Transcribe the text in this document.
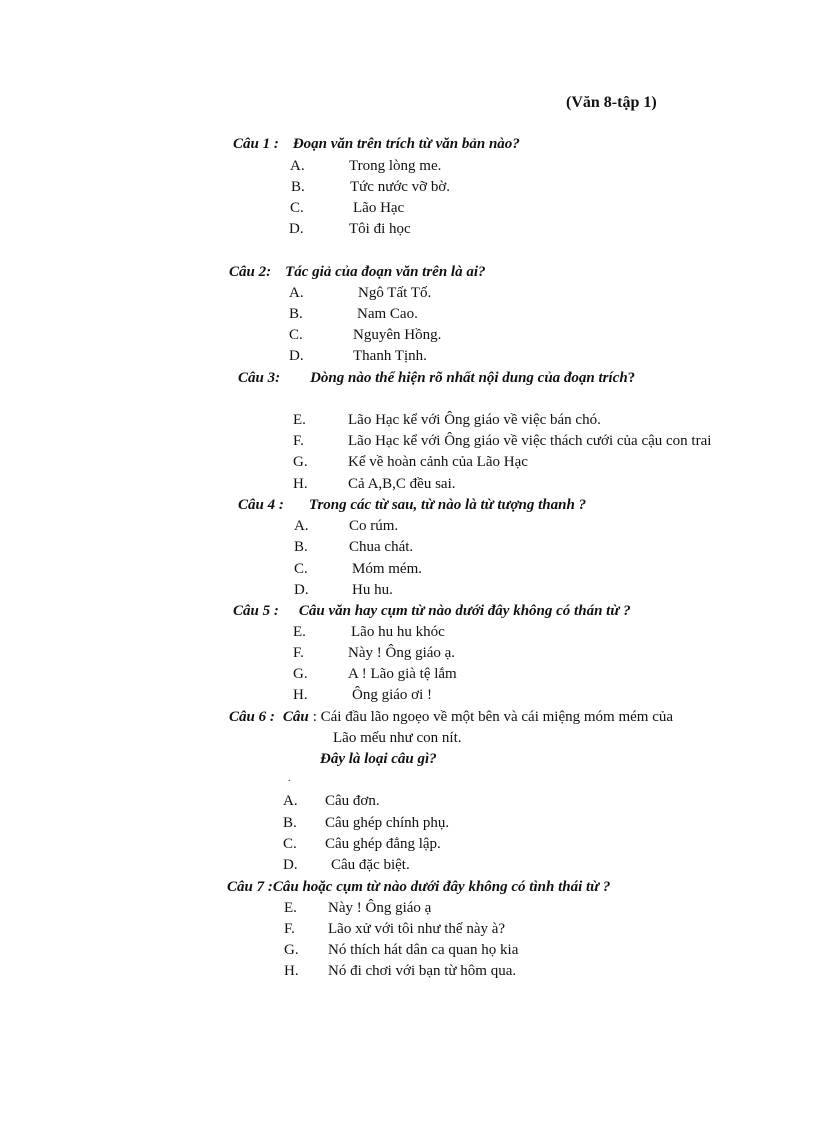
(Văn 8-tập 1)
Câu 1 : Đoạn văn trên trích từ văn bản nào?
A.	Trong lòng me.
B.	Tức nước vỡ bờ.
C.	Lão Hạc
D.	Tôi đi học
Câu 2: Tác giả của đoạn văn trên là ai?
A.	Ngô Tất Tố.
B.	Nam Cao.
C.	Nguyên Hồng.
D.	Thanh Tịnh.
Câu 3: Dòng nào thể hiện rõ nhất nội dung của đoạn trích?
E.	Lão Hạc kể với Ông giáo về việc bán chó.
F.	Lão Hạc kể với Ông giáo về việc thách cưới của cậu con trai
G.	Kể về hoàn cảnh của Lão Hạc
H.	Cả A,B,C đều sai.
Câu 4 : Trong các từ sau, từ nào là từ tượng thanh ?
A.	Co rúm.
B.	Chua chát.
C.	Móm mém.
D.	Hu hu.
Câu 5 : Câu văn hay cụm từ nào dưới đây không có thán từ ?
E.	Lão hu hu khóc
F.	Này ! Ông giáo ạ.
G.	A ! Lão già tệ lắm
H.	Ông giáo ơi !
Câu 6 : Câu : Cái đầu lão ngoẹo về một bên và cái miệng móm mém của
Lão mếu như con nít.
Đây là loại câu gì?
.
A. Câu đơn.
B. Câu ghép chính phụ.
C. Câu ghép đẳng lập.
D. Câu đặc biệt.
Câu 7 :Câu hoặc cụm từ nào dưới đây không có tình thái từ ?
E. Này ! Ông giáo ạ
F. Lão xử với tôi như thế này à?
G. Nó thích hát dân ca quan họ kia
H. Nó đi chơi với bạn từ hôm qua.
